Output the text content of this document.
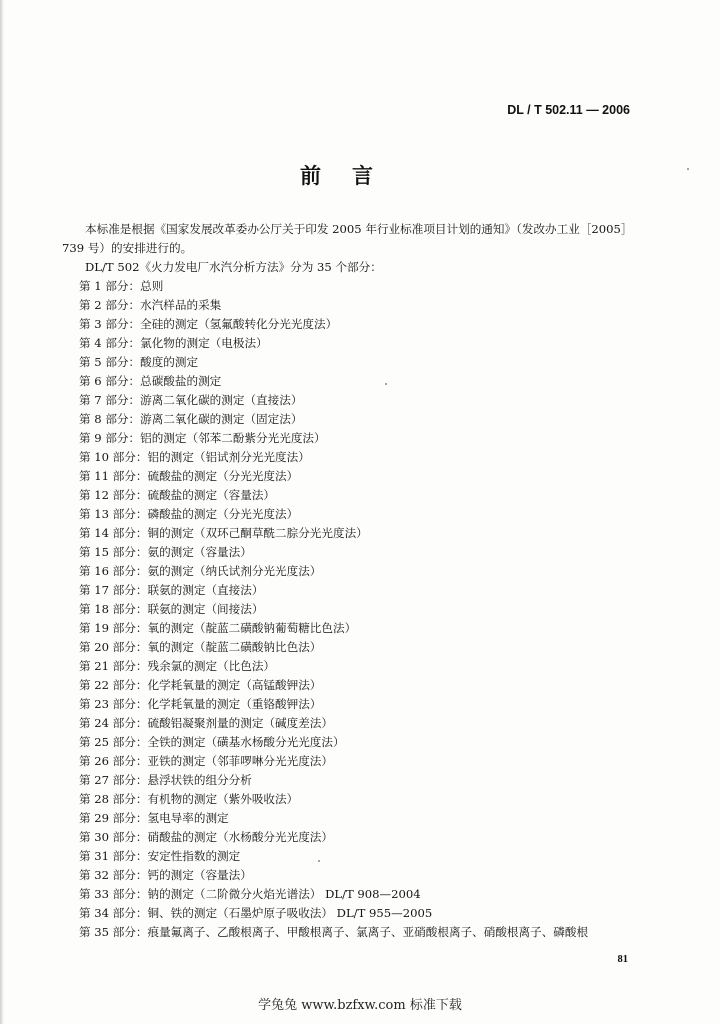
DL / T 502.11 — 2006
前言

本标准是根据《国家发展改革委办公厅关于印发 2005 年行业标准项目计划的通知》（发改办工业［2005］739 号）的安排进行的。

DL/T 502《火力发电厂水汽分析方法》分为 35 个部分：

第 1 部分：总则
第 2 部分：水汽样品的采集
第 3 部分：全硅的测定（氢氟酸转化分光光度法）
第 4 部分：氯化物的测定（电极法）
第 5 部分：酸度的测定
第 6 部分：总碳酸盐的测定
第 7 部分：游离二氧化碳的测定（直接法）
第 8 部分：游离二氧化碳的测定（固定法）
第 9 部分：铝的测定（邻苯二酚紫分光光度法）
第 10 部分：铝的测定（铝试剂分光光度法）
第 11 部分：硫酸盐的测定（分光光度法）
第 12 部分：硫酸盐的测定（容量法）
第 13 部分：磷酸盐的测定（分光光度法）
第 14 部分：铜的测定（双环己酮草酰二腙分光光度法）
第 15 部分：氨的测定（容量法）
第 16 部分：氨的测定（纳氏试剂分光光度法）
第 17 部分：联氨的测定（直接法）
第 18 部分：联氨的测定（间接法）
第 19 部分：氧的测定（靛蓝二磺酸钠葡萄糖比色法）
第 20 部分：氧的测定（靛蓝二磺酸钠比色法）
第 21 部分：残余氯的测定（比色法）
第 22 部分：化学耗氧量的测定（高锰酸钾法）
第 23 部分：化学耗氧量的测定（重铬酸钾法）
第 24 部分：硫酸铝凝聚剂量的测定（碱度差法）
第 25 部分：全铁的测定（磺基水杨酸分光光度法）
第 26 部分：亚铁的测定（邻菲啰啉分光光度法）
第 27 部分：悬浮状铁的组分分析
第 28 部分：有机物的测定（紫外吸收法）
第 29 部分：氢电导率的测定
第 30 部分：硝酸盐的测定（水杨酸分光光度法）
第 31 部分：安定性指数的测定
第 32 部分：钙的测定（容量法）
第 33 部分：钠的测定（二阶微分火焰光谱法） DL/T 908—2004
第 34 部分：铜、铁的测定（石墨炉原子吸收法） DL/T 955—2005
第 35 部分：痕量氟离子、乙酸根离子、甲酸根离子、氯离子、亚硝酸根离子、硝酸根离子、磷酸根
81
学兔兔 www.bzfxw.com 标准下载
